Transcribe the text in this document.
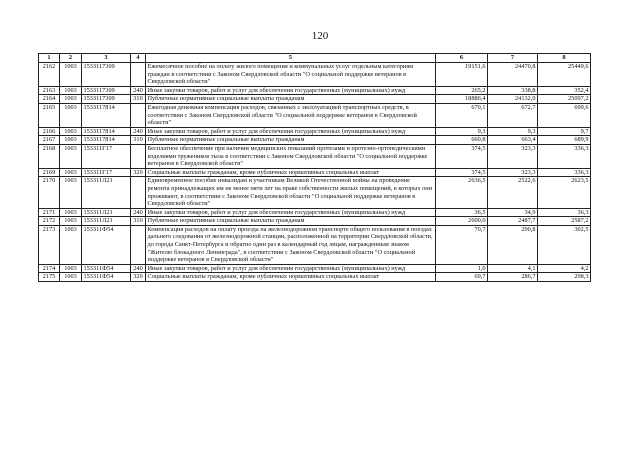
120
1	2	3	4	5	6	7	8
2162	1003	1533117309		Ежемесячное пособие на оплату жилого помещения и коммунальных услуг отдельным категориям граждан в соответствии с Законом Свердловской области "О социальной поддержке ветеранов в Свердловской области"	19151,6	24470,8	25449,6
2163	1003	1533117309	240	Иные закупки товаров, работ и услуг для обеспечения государственных (муниципальных) нужд	265,2	338,8	352,4
2164	1003	1533117309	310	Публичные нормативные социальные выплаты гражданам	18886,4	24132,0	25097,2
2165	1003	1533117814		Ежегодная денежная компенсация расходов, связанных с эксплуатацией транспортных средств, в соответствии с Законом Свердловской области "О социальной поддержке ветеранов в Свердловской области"	670,1	672,7	699,6
2166	1003	1533117814	240	Иные закупки товаров, работ и услуг для обеспечения государственных (муниципальных) нужд	9,3	9,3	9,7
2167	1003	1533117814	310	Публичные нормативные социальные выплаты гражданам	660,8	663,4	689,9
2168	1003	153311Г17		Бесплатное обеспечение при наличии медицинских показаний протезами и протезно-ортопедическими изделиями тружеников тыла в соответствии с Законом Свердловской области "О социальной поддержке ветеранов в Свердловской области"	374,5	323,3	336,3
2169	1003	153311Г17	320	Социальные выплаты гражданам, кроме публичных нормативных социальных выплат	374,5	323,3	336,3
2170	1003	153311Л21		Единовременное пособие инвалидам и участникам Великой Отечественной войны на проведение ремонта принадлежащих им не менее пяти лет на праве собственности жилых помещений, в которых они проживают, в соответствии с Законом Свердловской области "О социальной поддержке ветеранов в Свердловской области"	2636,5	2522,6	2623,5
2171	1003	153311Л21	240	Иные закупки товаров, работ и услуг для обеспечения государственных (муниципальных) нужд	36,5	34,9	36,3
2172	1003	153311Л21	310	Публичные нормативные социальные выплаты гражданам	2600,0	2487,7	2587,2
2173	1003	153311Ф54		Компенсация расходов на оплату проезда на железнодорожном транспорте общего пользования в поездах дальнего следования от железнодорожной станции, расположенной на территории Свердловской области, до города Санкт-Петербурга и обратно один раз в календарный год лицам, награжденным знаком "Жителю блокадного Ленинграда", в соответствии с Законом Свердловской области "О социальной поддержке ветеранов в Свердловской области"	70,7	290,8	302,5
2174	1003	153311Ф54	240	Иные закупки товаров, работ и услуг для обеспечения государственных (муниципальных) нужд	1,0	4,1	4,2
2175	1003	153311Ф54	320	Социальные выплаты гражданам, кроме публичных нормативных социальных выплат	69,7	286,7	298,3
